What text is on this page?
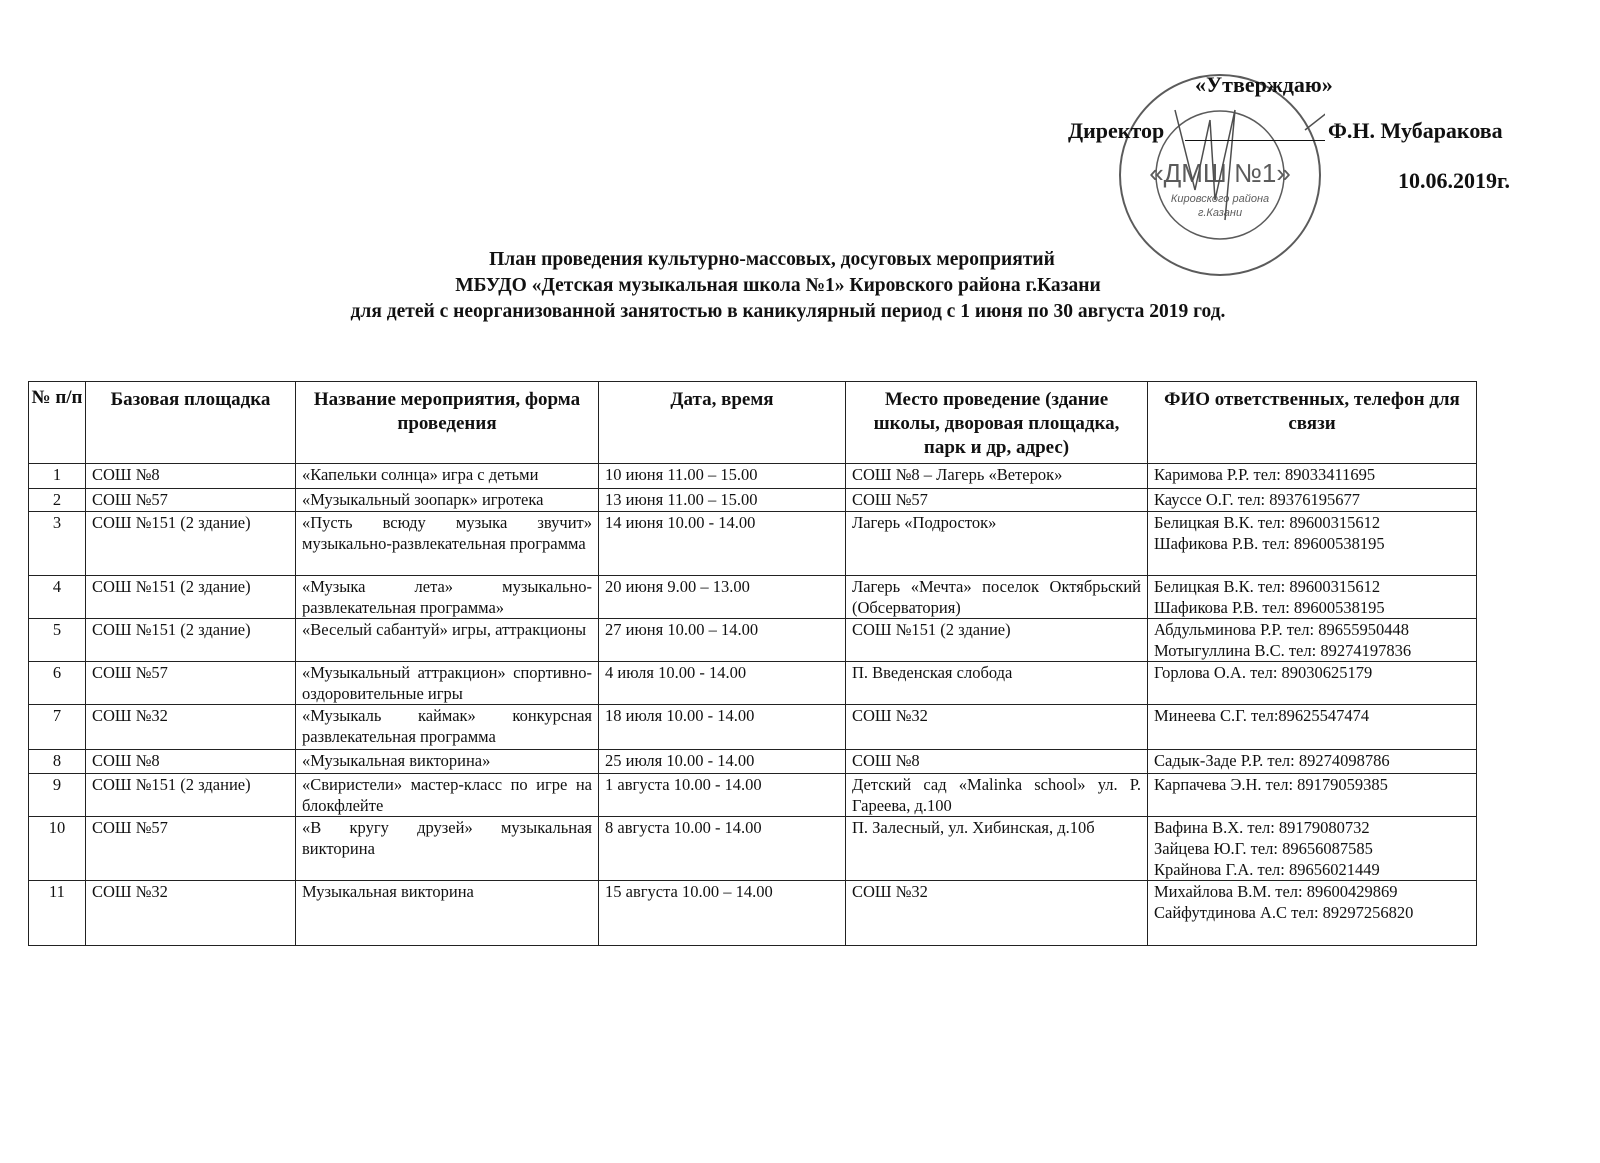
«ДМШ №1»
Кировского района
г.Казани
«Утверждаю»
Директор	Ф.Н. Мубаракова
10.06.2019г.
План проведения культурно-массовых, досуговых мероприятий
МБУДО «Детская музыкальная школа №1» Кировского района г.Казани
для детей с неорганизованной занятостью в каникулярный период с 1 июня по 30 августа 2019 год.
№ п/п	Базовая площадка	Название мероприятия, форма проведения	Дата, время	Место проведение (здание школы, дворовая площадка, парк и др, адрес)	ФИО ответственных, телефон для связи
1	СОШ №8	«Капельки солнца» игра с детьми	10 июня 11.00 – 15.00	СОШ №8 – Лагерь «Ветерок»	Каримова Р.Р. тел: 89033411695

2	СОШ №57	«Музыкальный зоопарк» игротека	13 июня 11.00 – 15.00	СОШ №57	Кауссе О.Г. тел: 89376195677

3	СОШ №151 (2 здание)	«Пусть всюду музыка звучит» музыкально-развлекательная программа	14 июня 10.00 - 14.00	Лагерь «Подросток»	Белицкая В.К. тел: 89600315612
Шафикова Р.В. тел: 89600538195

4	СОШ №151 (2 здание)	«Музыка лета» музыкально-развлекательная программа»	20 июня 9.00 – 13.00	Лагерь «Мечта» поселок Октябрьский (Обсерватория)	Белицкая В.К. тел: 89600315612
Шафикова Р.В. тел: 89600538195

5	СОШ №151 (2 здание)	«Веселый сабантуй» игры, аттракционы	27 июня 10.00 – 14.00	СОШ №151 (2 здание)	Абдульминова Р.Р. тел: 89655950448
Мотыгуллина В.С. тел: 89274197836

6	СОШ №57	«Музыкальный аттракцион» спортивно-оздоровительные игры	4 июля 10.00 - 14.00	П. Введенская слобода	Горлова О.А. тел: 89030625179

7	СОШ №32	«Музыкаль каймак» конкурсная развлекательная программа	18 июля 10.00 - 14.00	СОШ №32	Минеева С.Г. тел:89625547474

8	СОШ №8	«Музыкальная викторина»	25 июля 10.00 - 14.00	СОШ №8	Садык-Заде Р.Р. тел: 89274098786

9	СОШ №151 (2 здание)	«Свиристели» мастер-класс по игре на блокфлейте	1 августа 10.00 - 14.00	Детский сад «Malinka school» ул. Р. Гареева, д.100	Карпачева Э.Н. тел: 89179059385

10	СОШ №57	«В кругу друзей» музыкальная викторина	8 августа 10.00 - 14.00	П. Залесный, ул. Хибинская, д.10б	Вафина В.Х. тел: 89179080732
Зайцева Ю.Г. тел: 89656087585
Крайнова Г.А. тел: 89656021449

11	СОШ №32	Музыкальная викторина	15 августа 10.00 – 14.00	СОШ №32	Михайлова В.М. тел: 89600429869
Сайфутдинова А.С тел: 89297256820
